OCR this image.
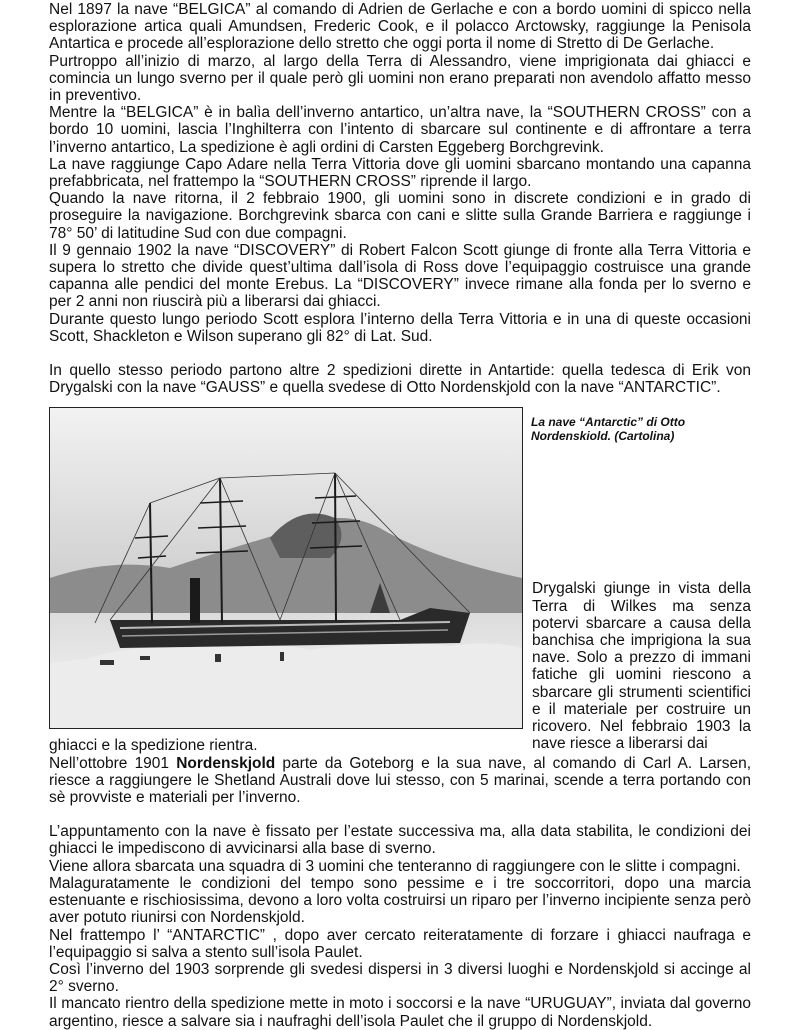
Nel 1897 la nave “BELGICA” al comando di Adrien de Gerlache e con a bordo uomini di spicco nella esplorazione artica quali Amundsen, Frederic Cook, e il polacco Arctowsky, raggiunge la Penisola Antartica e procede all’esplorazione dello stretto che oggi porta il nome di Stretto di De Gerlache.

Purtroppo all’inizio di marzo, al largo della Terra di Alessandro, viene imprigionata dai ghiacci e comincia un lungo sverno per il quale però gli uomini non erano preparati non avendolo affatto messo in preventivo.

Mentre la “BELGICA” è in balìa dell’inverno antartico, un’altra nave, la “SOUTHERN CROSS” con a bordo 10 uomini, lascia l’Inghilterra con l’intento di sbarcare sul continente e di affrontare a terra l’inverno antartico, La spedizione è agli ordini di Carsten Eggeberg Borchgrevink.

La nave raggiunge Capo Adare nella Terra Vittoria dove gli uomini sbarcano montando una capanna prefabbricata, nel frattempo la “SOUTHERN CROSS” riprende il largo.

Quando la nave ritorna, il 2 febbraio 1900, gli uomini sono in discrete condizioni e in grado di proseguire la navigazione. Borchgrevink sbarca con cani e slitte sulla Grande Barriera e raggiunge i 78° 50’ di latitudine Sud con due compagni.

Il 9 gennaio 1902 la nave “DISCOVERY” di Robert Falcon Scott giunge di fronte alla Terra Vittoria e supera lo stretto che divide quest’ultima dall’isola di Ross dove l’equipaggio costruisce una grande capanna alle pendici del monte Erebus. La “DISCOVERY” invece rimane alla fonda per lo sverno e per 2 anni non riuscirà più a liberarsi dai ghiacci.

Durante questo lungo periodo Scott esplora l’interno della Terra Vittoria e in una di queste occasioni Scott, Shackleton e Wilson superano gli 82° di Lat. Sud.

In quello stesso periodo partono altre 2 spedizioni dirette in Antartide: quella tedesca di Erik von Drygalski con la nave “GAUSS” e quella svedese di Otto Nordenskjold con la nave “ANTARCTIC”.

La nave “Antarctic” di Otto Nordenskiold. (Cartolina)
Drygalski giunge in vista della Terra di Wilkes ma senza potervi sbarcare a causa della banchisa che imprigiona la sua nave. Solo a prezzo di immani fatiche gli uomini riescono a sbarcare gli strumenti scientifici e il materiale per costruire un ricovero. Nel febbraio 1903 la nave riesce a liberarsi dai

ghiacci e la spedizione rientra.

Nell’ottobre 1901 Nordenskjold parte da Goteborg e la sua nave, al comando di Carl A. Larsen, riesce a raggiungere le Shetland Australi dove lui stesso, con 5 marinai, scende a terra portando con sè provviste e materiali per l’inverno.

L’appuntamento con la nave è fissato per l’estate successiva ma, alla data stabilita, le condizioni dei ghiacci le impediscono di avvicinarsi alla base di sverno.

Viene allora sbarcata una squadra di 3 uomini che tenteranno di raggiungere con le slitte i compagni.

Malaguratamente le condizioni del tempo sono pessime e i tre soccorritori, dopo una marcia estenuante e rischiosissima, devono a loro volta costruirsi un riparo per l’inverno incipiente senza però aver potuto riunirsi con Nordenskjold.

Nel frattempo l’ “ANTARCTIC” , dopo aver cercato reiteratamente di forzare i ghiacci naufraga e l’equipaggio si salva a stento sull’isola Paulet.

Così l’inverno del 1903 sorprende gli svedesi dispersi in 3 diversi luoghi e Nordenskjold si accinge al 2° sverno.

Il mancato rientro della spedizione mette in moto i soccorsi e la nave “URUGUAY”, inviata dal governo argentino, riesce a salvare sia i naufraghi dell’isola Paulet che il gruppo di Nordenskjold.
